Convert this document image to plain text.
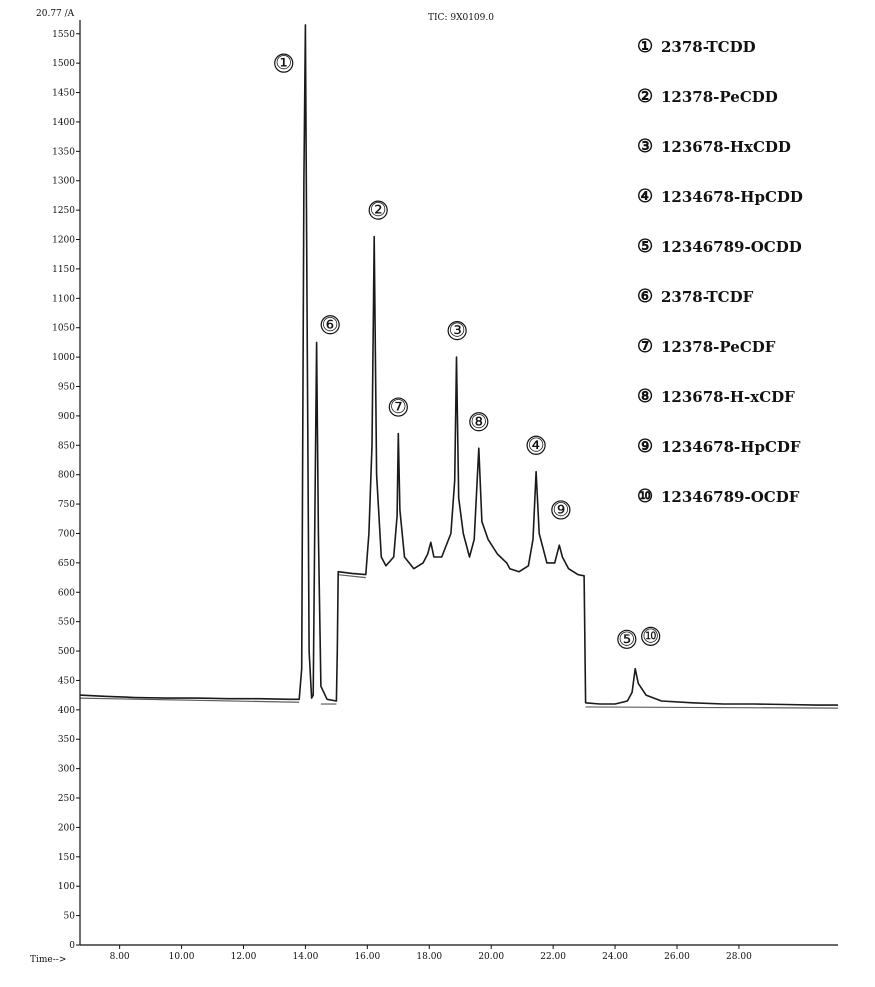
20.77 /A	TIC: 9X0109.0
0
50
100
150
200
250
300
350
400
450
500
550
600
650
700
750
800
850
900
950
1000
1050
1100
1150
1200
1250
1300
1350
1400
1450
1500
1550
8.00	10.00	12.00	14.00	16.00	18.00	20.00	22.00	24.00	26.00	28.00
Time-->
①
⑥
②
⑦
③
⑧
④
⑨
⑤ ⑩
① 2378-TCDD
② 12378-PeCDD
③ 123678-HxCDD
④ 1234678-HpCDD
⑤ 12346789-OCDD
⑥ 2378-TCDF
⑦ 12378-PeCDF
⑧ 123678-H-xCDF
⑨ 1234678-HpCDF
⑩ 12346789-OCDF
